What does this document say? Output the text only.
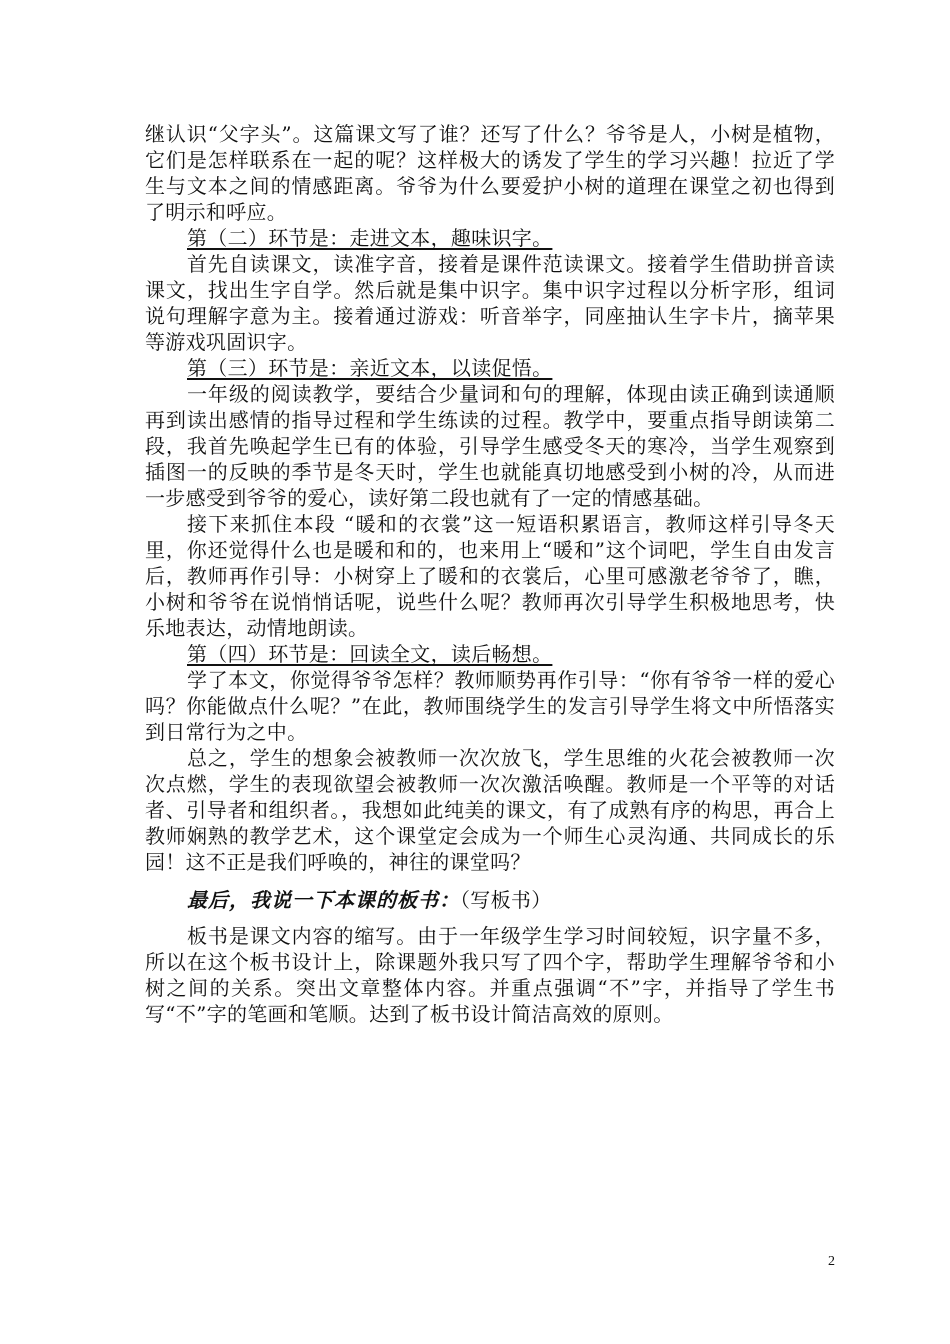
继认识“父字头”。这篇课文写了谁？还写了什么？爷爷是人，小树是植物，它们是怎样联系在一起的呢？这样极大的诱发了学生的学习兴趣！拉近了学生与文本之间的情感距离。爷爷为什么要爱护小树的道理在课堂之初也得到了明示和呼应。

第（二）环节是：走进文本，趣味识字。

首先自读课文，读准字音，接着是课件范读课文。接着学生借助拼音读课文，找出生字自学。然后就是集中识字。集中识字过程以分析字形，组词说句理解字意为主。接着通过游戏：听音举字，同座抽认生字卡片，摘苹果等游戏巩固识字。

第（三）环节是：亲近文本，以读促悟。

一年级的阅读教学，要结合少量词和句的理解，体现由读正确到读通顺再到读出感情的指导过程和学生练读的过程。教学中，要重点指导朗读第二段，我首先唤起学生已有的体验，引导学生感受冬天的寒冷，当学生观察到插图一的反映的季节是冬天时，学生也就能真切地感受到小树的冷，从而进一步感受到爷爷的爱心，读好第二段也就有了一定的情感基础。

接下来抓住本段 “暖和的衣裳”这一短语积累语言，教师这样引导冬天里，你还觉得什么也是暖和和的，也来用上“暖和”这个词吧，学生自由发言后，教师再作引导：小树穿上了暖和的衣裳后，心里可感激老爷爷了，瞧，小树和爷爷在说悄悄话呢，说些什么呢？教师再次引导学生积极地思考，快乐地表达，动情地朗读。

第（四）环节是：回读全文，读后畅想。

学了本文，你觉得爷爷怎样？教师顺势再作引导：“你有爷爷一样的爱心吗？你能做点什么呢？”在此，教师围绕学生的发言引导学生将文中所悟落实到日常行为之中。

总之，学生的想象会被教师一次次放飞，学生思维的火花会被教师一次次点燃，学生的表现欲望会被教师一次次激活唤醒。教师是一个平等的对话者、引导者和组织者。，我想如此纯美的课文，有了成熟有序的构思，再合上教师娴熟的教学艺术，这个课堂定会成为一个师生心灵沟通、共同成长的乐园！这不正是我们呼唤的，神往的课堂吗？

最后，我说一下本课的板书：（写板书）

板书是课文内容的缩写。由于一年级学生学习时间较短，识字量不多，所以在这个板书设计上，除课题外我只写了四个字，帮助学生理解爷爷和小树之间的关系。突出文章整体内容。并重点强调“不”字，并指导了学生书写“不”字的笔画和笔顺。达到了板书设计简洁高效的原则。

2
